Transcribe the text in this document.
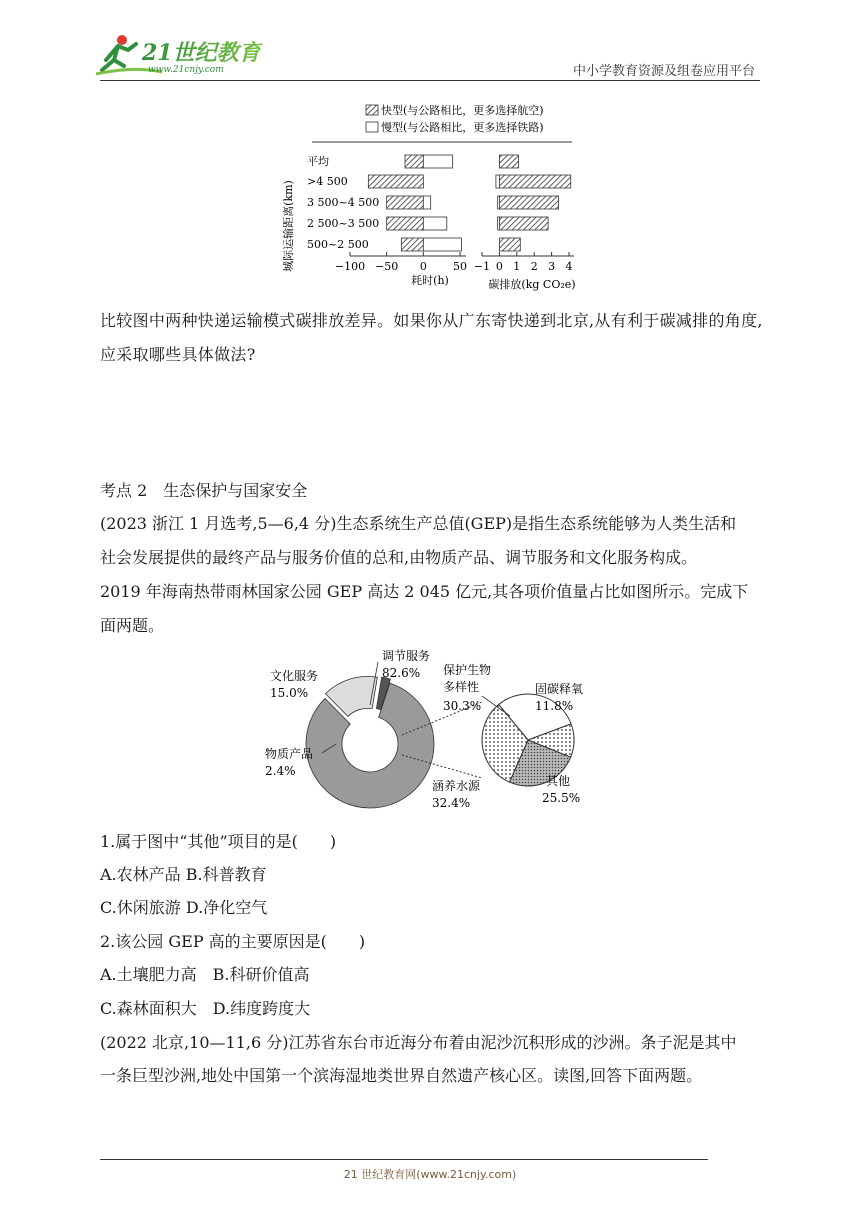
21世纪教育
www.21cnjy.com	中小学教育资源及组卷应用平台
快型(与公路相比，更多选择航空)
慢型(与公路相比，更多选择铁路)
城际运输距离(km)
平均
>4 500
3 500~4 500
2 500~3 500
500~2 500
−100 −50 0 50 −1 0 1 2 3 4
耗时(h)	碳排放(kg CO₂e)
比较图中两种快递运输模式碳排放差异。如果你从广东寄快递到北京,从有利于碳减排的角度,应采取哪些具体做法?
考点 2　生态保护与国家安全
(2023 浙江 1 月选考,5—6,4 分)生态系统生产总值(GEP)是指生态系统能够为人类生活和
社会发展提供的最终产品与服务价值的总和,由物质产品、调节服务和文化服务构成。
2019 年海南热带雨林国家公园 GEP 高达 2 045 亿元,其各项价值量占比如图所示。完成下
面两题。
文化服务
15.0%
调节服务
82.6%
物质产品
2.4%
保护生物
多样性
30.3%
固碳释氧
11.8%
涵养水源
32.4%
其他
25.5%
1.属于图中“其他”项目的是(　　)
A.农林产品 B.科普教育
C.休闲旅游 D.净化空气
2.该公园 GEP 高的主要原因是(　　)
A.土壤肥力高　B.科研价值高
C.森林面积大　D.纬度跨度大
(2022 北京,10—11,6 分)江苏省东台市近海分布着由泥沙沉积形成的沙洲。条子泥是其中
一条巨型沙洲,地处中国第一个滨海湿地类世界自然遗产核心区。读图,回答下面两题。
21 世纪教育网(www.21cnjy.com)
